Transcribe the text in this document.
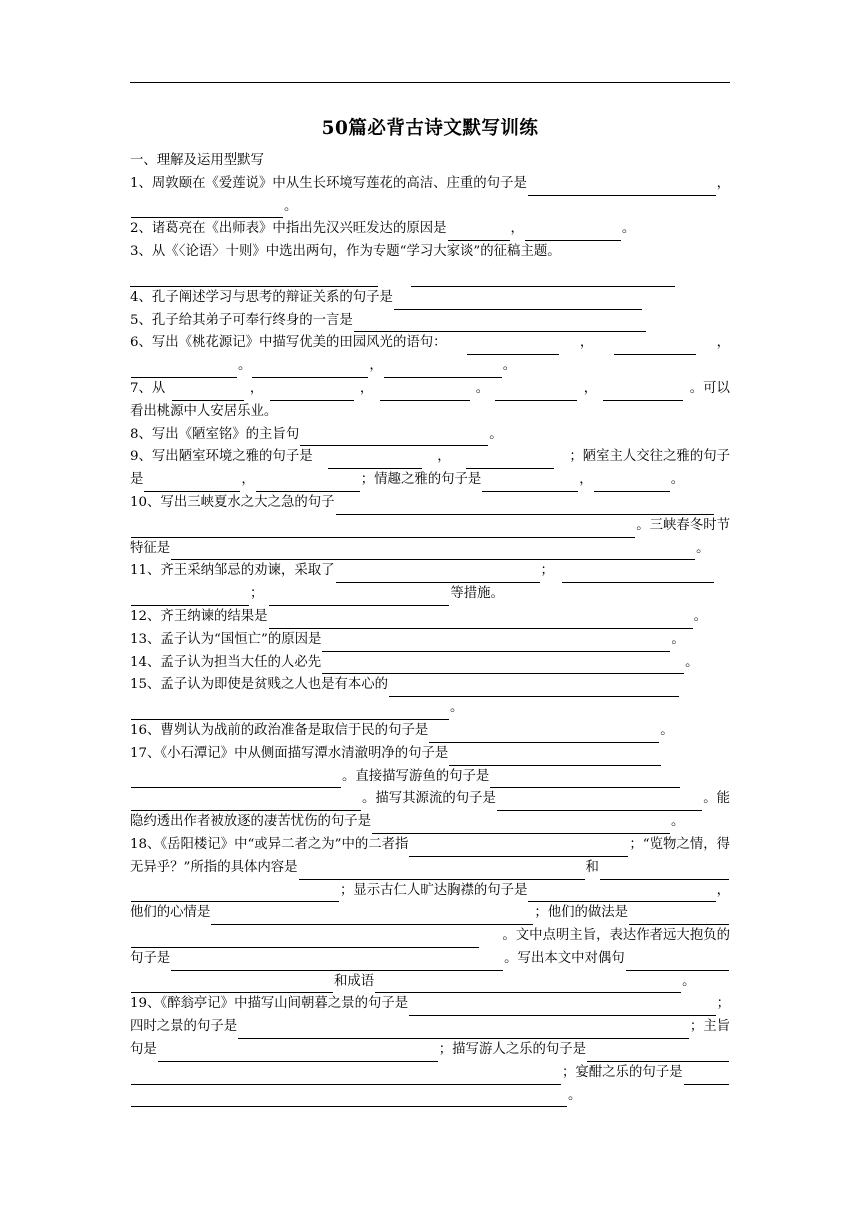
50篇必背古诗文默写训练
一、理解及运用型默写
1、周敦颐在《爱莲说》中从生长环境写莲花的高洁、庄重的句子是	，
。
2、诸葛亮在《出师表》中指出先汉兴旺发达的原因是	，	。
3、从《〈论语〉十则》中选出两句，作为专题“学习大家谈”的征稿主题。
4、孔子阐述学习与思考的辩证关系的句子是
5、孔子给其弟子可奉行终身的一言是
6、写出《桃花源记》中描写优美的田园风光的语句：	，	，
。	，	。
7、从	，	，	。	，	。可以
看出桃源中人安居乐业。
8、写出《陋室铭》的主旨句	。
9、写出陋室环境之雅的句子是	，	；陋室主人交往之雅的句子
是	，	；情趣之雅的句子是	，	。
10、写出三峡夏水之大之急的句子
。三峡春冬时节
特征是	。
11、齐王采纳邹忌的劝谏，采取了	；
；	等措施。
12、齐王纳谏的结果是	。
13、孟子认为“国恒亡”的原因是	。
14、孟子认为担当大任的人必先	。
15、孟子认为即使是贫贱之人也是有本心的
。
16、曹刿认为战前的政治准备是取信于民的句子是	。
17、《小石潭记》中从侧面描写潭水清澈明净的句子是
。直接描写游鱼的句子是
。描写其源流的句子是	。能
隐约透出作者被放逐的凄苦忧伤的句子是	。
18、《岳阳楼记》中“或异二者之为”中的二者指	；“览物之情，得
无异乎？”所指的具体内容是	和
；显示古仁人旷达胸襟的句子是	，
他们的心情是	；他们的做法是
。文中点明主旨，表达作者远大抱负的
句子是	。写出本文中对偶句
和成语	。
19、《醉翁亭记》中描写山间朝暮之景的句子是	；
四时之景的句子是	；主旨
句是	；描写游人之乐的句子是
；宴酣之乐的句子是
。
